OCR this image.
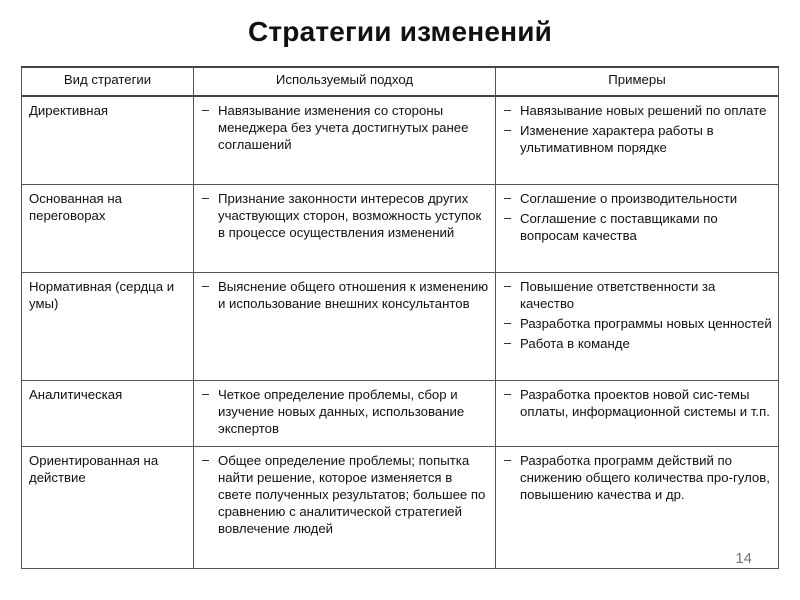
Стратегии изменений
Вид стратегии	Используемый подход	Примеры
Директивная	Навязывание изменения со стороны менеджера без учета достигнутых ранее соглашений	Навязывание новых решений по оплате
Изменение характера работы в ультимативном порядке

Основанная на переговорах	Признание законности интересов других участвующих сторон, возможность уступок в процессе осуществления изменений	Соглашение о производительности
Соглашение с поставщиками по вопросам качества

Нормативная (сердца и умы)	Выяснение общего отношения к изменению и использование внешних консультантов	Повышение ответственности за качество
Разработка программы новых ценностей
Работа в команде

Аналитическая	Четкое определение проблемы, сбор и изучение новых данных, использование экспертов	Разработка проектов новой сис-темы оплаты, информационной системы и т.п.

Ориентированная на действие	Общее определение проблемы; попытка найти решение, которое изменяется в свете полученных результатов; большее по сравнению с аналитической стратегией вовлечение людей	Разработка программ действий по снижению общего количества про-гулов, повышению качества и др.
14
